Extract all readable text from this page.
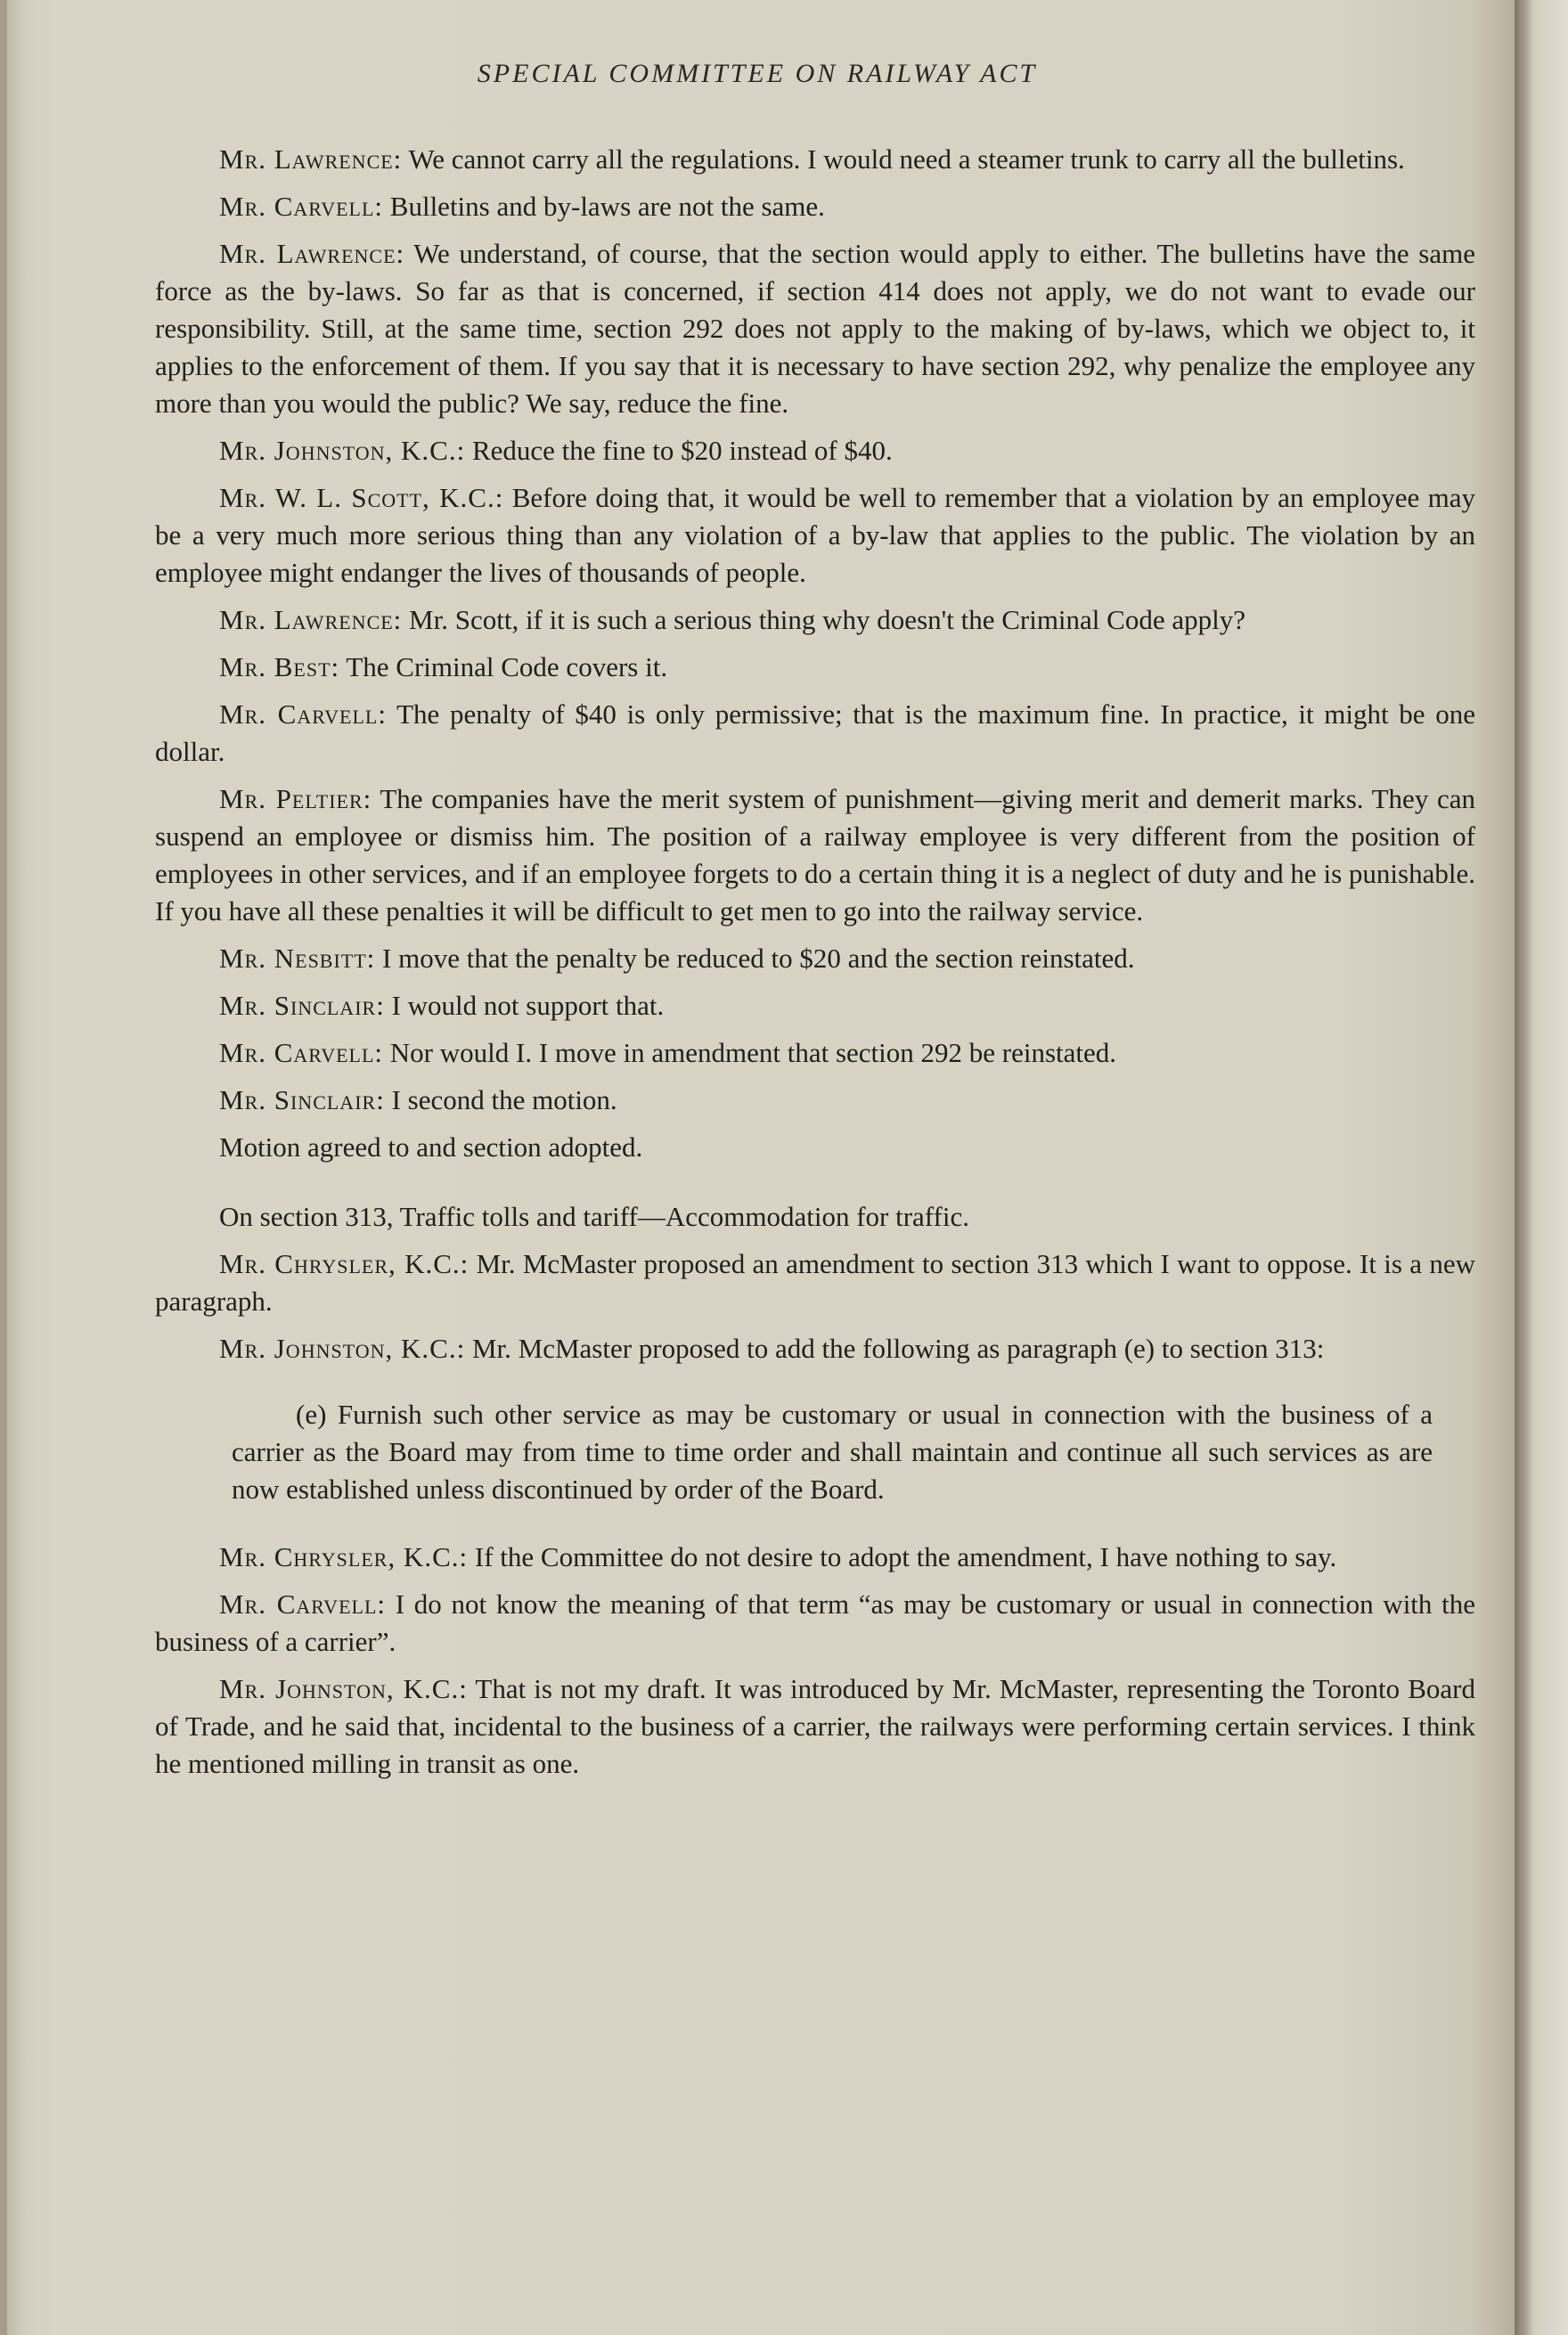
SPECIAL COMMITTEE ON RAILWAY ACT

Mr. Lawrence: We cannot carry all the regulations. I would need a steamer trunk to carry all the bulletins.

Mr. Carvell: Bulletins and by-laws are not the same.

Mr. Lawrence: We understand, of course, that the section would apply to either. The bulletins have the same force as the by-laws. So far as that is concerned, if section 414 does not apply, we do not want to evade our responsibility. Still, at the same time, section 292 does not apply to the making of by-laws, which we object to, it applies to the enforcement of them. If you say that it is necessary to have section 292, why penalize the employee any more than you would the public? We say, reduce the fine.

Mr. Johnston, K.C.: Reduce the fine to $20 instead of $40.

Mr. W. L. Scott, K.C.: Before doing that, it would be well to remember that a violation by an employee may be a very much more serious thing than any violation of a by-law that applies to the public. The violation by an employee might endanger the lives of thousands of people.

Mr. Lawrence: Mr. Scott, if it is such a serious thing why doesn't the Criminal Code apply?

Mr. Best: The Criminal Code covers it.

Mr. Carvell: The penalty of $40 is only permissive; that is the maximum fine. In practice, it might be one dollar.

Mr. Peltier: The companies have the merit system of punishment—giving merit and demerit marks. They can suspend an employee or dismiss him. The position of a railway employee is very different from the position of employees in other services, and if an employee forgets to do a certain thing it is a neglect of duty and he is punishable. If you have all these penalties it will be difficult to get men to go into the railway service.

Mr. Nesbitt: I move that the penalty be reduced to $20 and the section reinstated.

Mr. Sinclair: I would not support that.

Mr. Carvell: Nor would I. I move in amendment that section 292 be reinstated.

Mr. Sinclair: I second the motion.

Motion agreed to and section adopted.

On section 313, Traffic tolls and tariff—Accommodation for traffic.

Mr. Chrysler, K.C.: Mr. McMaster proposed an amendment to section 313 which I want to oppose. It is a new paragraph.

Mr. Johnston, K.C.: Mr. McMaster proposed to add the following as paragraph (e) to section 313:

(e) Furnish such other service as may be customary or usual in connection with the business of a carrier as the Board may from time to time order and shall maintain and continue all such services as are now established unless discontinued by order of the Board.

Mr. Chrysler, K.C.: If the Committee do not desire to adopt the amendment, I have nothing to say.

Mr. Carvell: I do not know the meaning of that term “as may be customary or usual in connection with the business of a carrier”.

Mr. Johnston, K.C.: That is not my draft. It was introduced by Mr. McMaster, representing the Toronto Board of Trade, and he said that, incidental to the business of a carrier, the railways were performing certain services. I think he mentioned milling in transit as one.
